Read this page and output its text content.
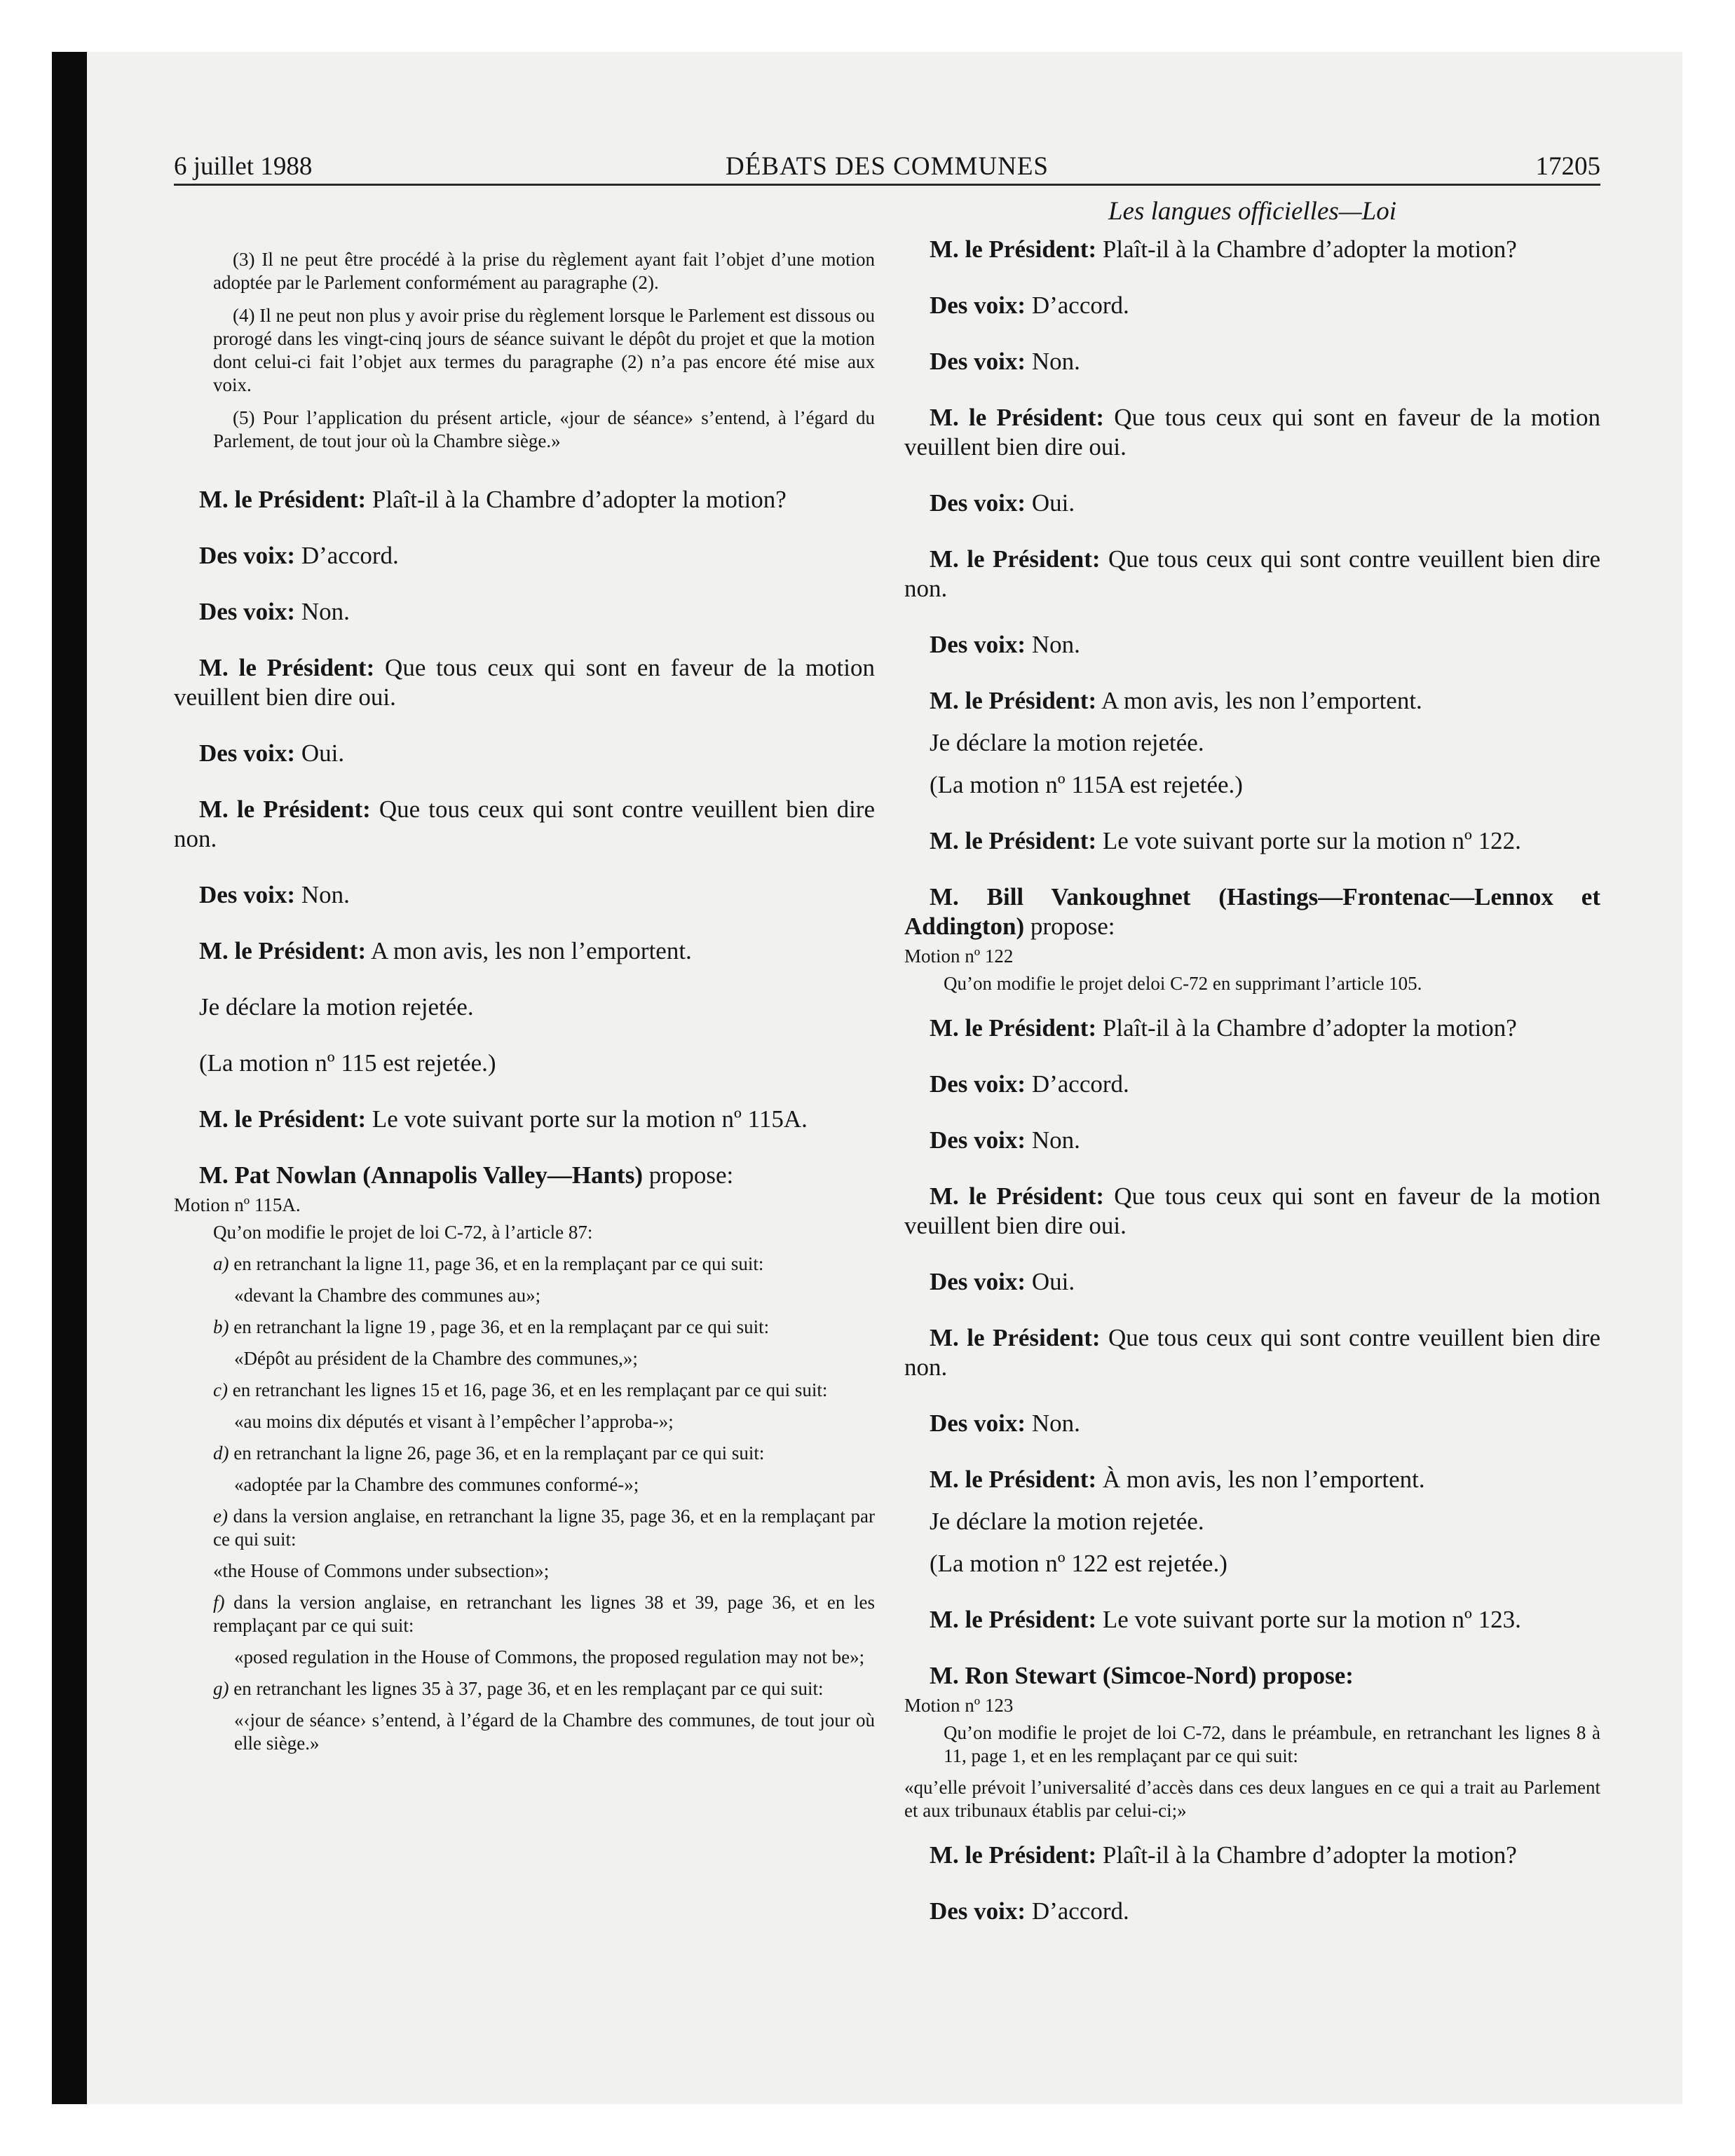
6 juillet 1988	DÉBATS DES COMMUNES	17205

(3) Il ne peut être procédé à la prise du règlement ayant fait l’objet d’une motion adoptée par le Parlement conformément au paragraphe (2).

(4) Il ne peut non plus y avoir prise du règlement lorsque le Parlement est dissous ou prorogé dans les vingt-cinq jours de séance suivant le dépôt du projet et que la motion dont celui-ci fait l’objet aux termes du paragraphe (2) n’a pas encore été mise aux voix.

(5) Pour l’application du présent article, «jour de séance» s’entend, à l’égard du Parlement, de tout jour où la Chambre siège.»

M. le Président: Plaît-il à la Chambre d’adopter la motion?

Des voix: D’accord.

Des voix: Non.

M. le Président: Que tous ceux qui sont en faveur de la motion veuillent bien dire oui.

Des voix: Oui.

M. le Président: Que tous ceux qui sont contre veuillent bien dire non.

Des voix: Non.

M. le Président: A mon avis, les non l’emportent.

Je déclare la motion rejetée.

(La motion nº 115 est rejetée.)

M. le Président: Le vote suivant porte sur la motion nº 115A.

M. Pat Nowlan (Annapolis Valley—Hants) propose:

Motion nº 115A.

Qu’on modifie le projet de loi C-72, à l’article 87:

a) en retranchant la ligne 11, page 36, et en la remplaçant par ce qui suit:

«devant la Chambre des communes au»;

b) en retranchant la ligne 19 , page 36, et en la remplaçant par ce qui suit:

«Dépôt au président de la Chambre des communes,»;

c) en retranchant les lignes 15 et 16, page 36, et en les remplaçant par ce qui suit:

«au moins dix députés et visant à l’empêcher l’approba-»;

d) en retranchant la ligne 26, page 36, et en la remplaçant par ce qui suit:

«adoptée par la Chambre des communes conformé-»;

e) dans la version anglaise, en retranchant la ligne 35, page 36, et en la remplaçant par ce qui suit:

«the House of Commons under subsection»;

f) dans la version anglaise, en retranchant les lignes 38 et 39, page 36, et en les remplaçant par ce qui suit:

«posed regulation in the House of Commons, the proposed regulation may not be»;

g) en retranchant les lignes 35 à 37, page 36, et en les remplaçant par ce qui suit:

«‹jour de séance› s’entend, à l’égard de la Chambre des communes, de tout jour où elle siège.»

Les langues officielles—Loi

M. le Président: Plaît-il à la Chambre d’adopter la motion?

Des voix: D’accord.

Des voix: Non.

M. le Président: Que tous ceux qui sont en faveur de la motion veuillent bien dire oui.

Des voix: Oui.

M. le Président: Que tous ceux qui sont contre veuillent bien dire non.

Des voix: Non.

M. le Président: A mon avis, les non l’emportent.

Je déclare la motion rejetée.

(La motion nº 115A est rejetée.)

M. le Président: Le vote suivant porte sur la motion nº 122.

M. Bill Vankoughnet (Hastings—Frontenac—Lennox et Addington) propose:

Motion nº 122

Qu’on modifie le projet deloi C-72 en supprimant l’article 105.

M. le Président: Plaît-il à la Chambre d’adopter la motion?

Des voix: D’accord.

Des voix: Non.

M. le Président: Que tous ceux qui sont en faveur de la motion veuillent bien dire oui.

Des voix: Oui.

M. le Président: Que tous ceux qui sont contre veuillent bien dire non.

Des voix: Non.

M. le Président: À mon avis, les non l’emportent.

Je déclare la motion rejetée.

(La motion nº 122 est rejetée.)

M. le Président: Le vote suivant porte sur la motion nº 123.

M. Ron Stewart (Simcoe-Nord) propose:

Motion nº 123

Qu’on modifie le projet de loi C-72, dans le préambule, en retranchant les lignes 8 à 11, page 1, et en les remplaçant par ce qui suit:

«qu’elle prévoit l’universalité d’accès dans ces deux langues en ce qui a trait au Parlement et aux tribunaux établis par celui-ci;»

M. le Président: Plaît-il à la Chambre d’adopter la motion?

Des voix: D’accord.
